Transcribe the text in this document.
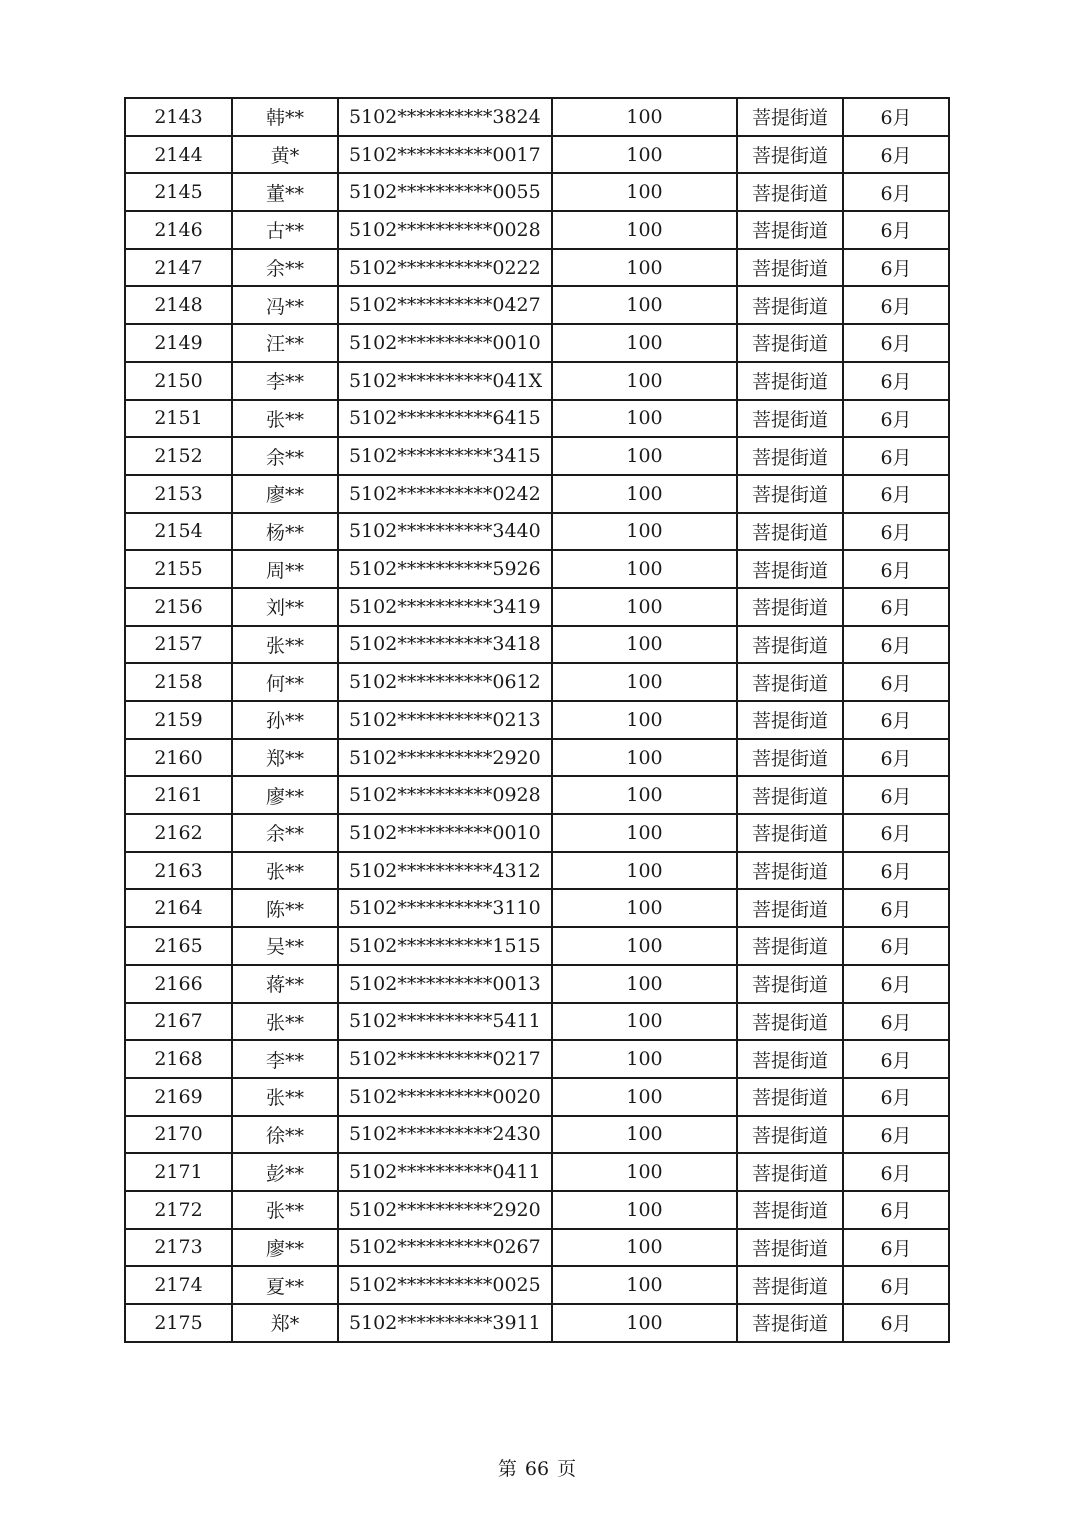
2143	韩**	5102**********3824	100	菩提街道	6月
2144	黄*	5102**********0017	100	菩提街道	6月
2145	董**	5102**********0055	100	菩提街道	6月
2146	古**	5102**********0028	100	菩提街道	6月
2147	余**	5102**********0222	100	菩提街道	6月
2148	冯**	5102**********0427	100	菩提街道	6月
2149	汪**	5102**********0010	100	菩提街道	6月
2150	李**	5102**********041X	100	菩提街道	6月
2151	张**	5102**********6415	100	菩提街道	6月
2152	余**	5102**********3415	100	菩提街道	6月
2153	廖**	5102**********0242	100	菩提街道	6月
2154	杨**	5102**********3440	100	菩提街道	6月
2155	周**	5102**********5926	100	菩提街道	6月
2156	刘**	5102**********3419	100	菩提街道	6月
2157	张**	5102**********3418	100	菩提街道	6月
2158	何**	5102**********0612	100	菩提街道	6月
2159	孙**	5102**********0213	100	菩提街道	6月
2160	郑**	5102**********2920	100	菩提街道	6月
2161	廖**	5102**********0928	100	菩提街道	6月
2162	余**	5102**********0010	100	菩提街道	6月
2163	张**	5102**********4312	100	菩提街道	6月
2164	陈**	5102**********3110	100	菩提街道	6月
2165	吴**	5102**********1515	100	菩提街道	6月
2166	蒋**	5102**********0013	100	菩提街道	6月
2167	张**	5102**********5411	100	菩提街道	6月
2168	李**	5102**********0217	100	菩提街道	6月
2169	张**	5102**********0020	100	菩提街道	6月
2170	徐**	5102**********2430	100	菩提街道	6月
2171	彭**	5102**********0411	100	菩提街道	6月
2172	张**	5102**********2920	100	菩提街道	6月
2173	廖**	5102**********0267	100	菩提街道	6月
2174	夏**	5102**********0025	100	菩提街道	6月
2175	郑*	5102**********3911	100	菩提街道	6月
第 66 页
